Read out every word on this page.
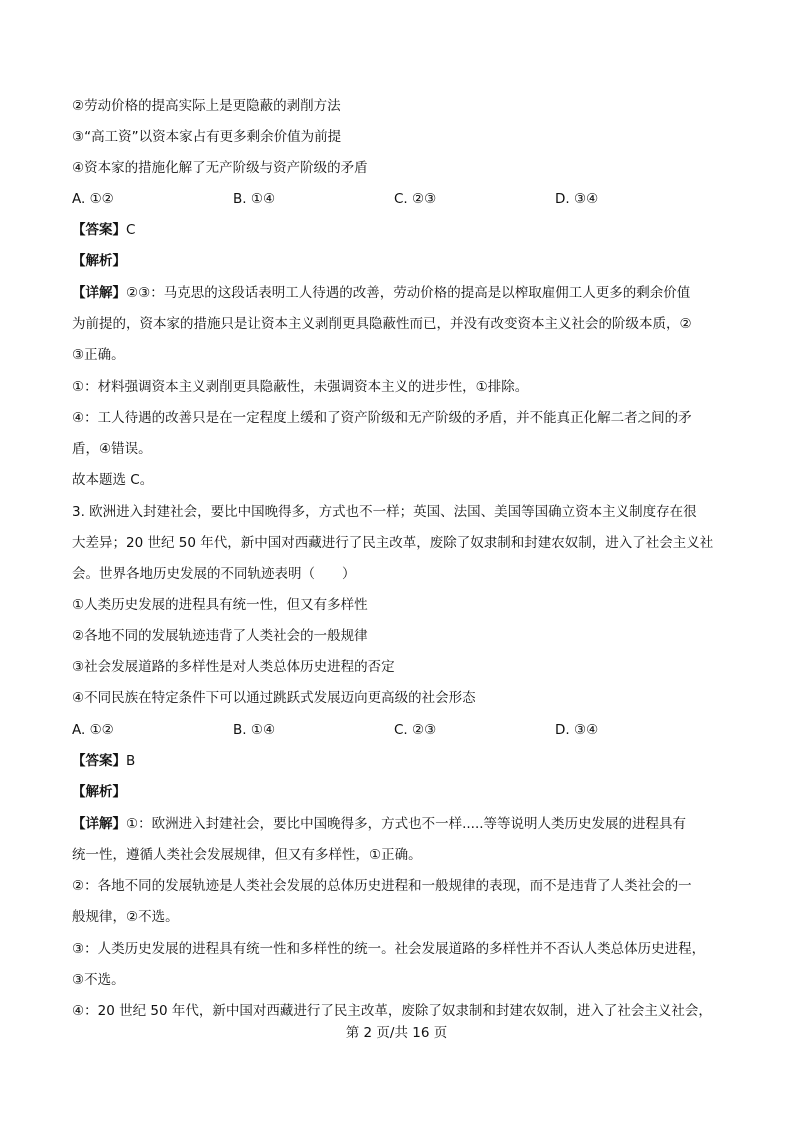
②劳动价格的提高实际上是更隐蔽的剥削方法
③“高工资”以资本家占有更多剩余价值为前提
④资本家的措施化解了无产阶级与资产阶级的矛盾
A. ①②	B. ①④	C. ②③	D. ③④
【答案】C
【解析】
【详解】②③：马克思的这段话表明工人待遇的改善，劳动价格的提高是以榨取雇佣工人更多的剩余价值
为前提的，资本家的措施只是让资本主义剥削更具隐蔽性而已，并没有改变资本主义社会的阶级本质，②
③正确。
①：材料强调资本主义剥削更具隐蔽性，未强调资本主义的进步性，①排除。
④：工人待遇的改善只是在一定程度上缓和了资产阶级和无产阶级的矛盾，并不能真正化解二者之间的矛
盾，④错误。
故本题选 C。
3. 欧洲进入封建社会，要比中国晚得多，方式也不一样；英国、法国、美国等国确立资本主义制度存在很
大差异；20 世纪 50 年代，新中国对西藏进行了民主改革，废除了奴隶制和封建农奴制，进入了社会主义社
会。世界各地历史发展的不同轨迹表明（　　）
①人类历史发展的进程具有统一性，但又有多样性
②各地不同的发展轨迹违背了人类社会的一般规律
③社会发展道路的多样性是对人类总体历史进程的否定
④不同民族在特定条件下可以通过跳跃式发展迈向更高级的社会形态
A. ①②	B. ①④	C. ②③	D. ③④
【答案】B
【解析】
【详解】①：欧洲进入封建社会，要比中国晚得多，方式也不一样.....等等说明人类历史发展的进程具有
统一性，遵循人类社会发展规律，但又有多样性，①正确。
②：各地不同的发展轨迹是人类社会发展的总体历史进程和一般规律的表现，而不是违背了人类社会的一
般规律，②不选。
③：人类历史发展的进程具有统一性和多样性的统一。社会发展道路的多样性并不否认人类总体历史进程，
③不选。
④：20 世纪 50 年代，新中国对西藏进行了民主改革，废除了奴隶制和封建农奴制，进入了社会主义社会，
第 2 页/共 16 页
